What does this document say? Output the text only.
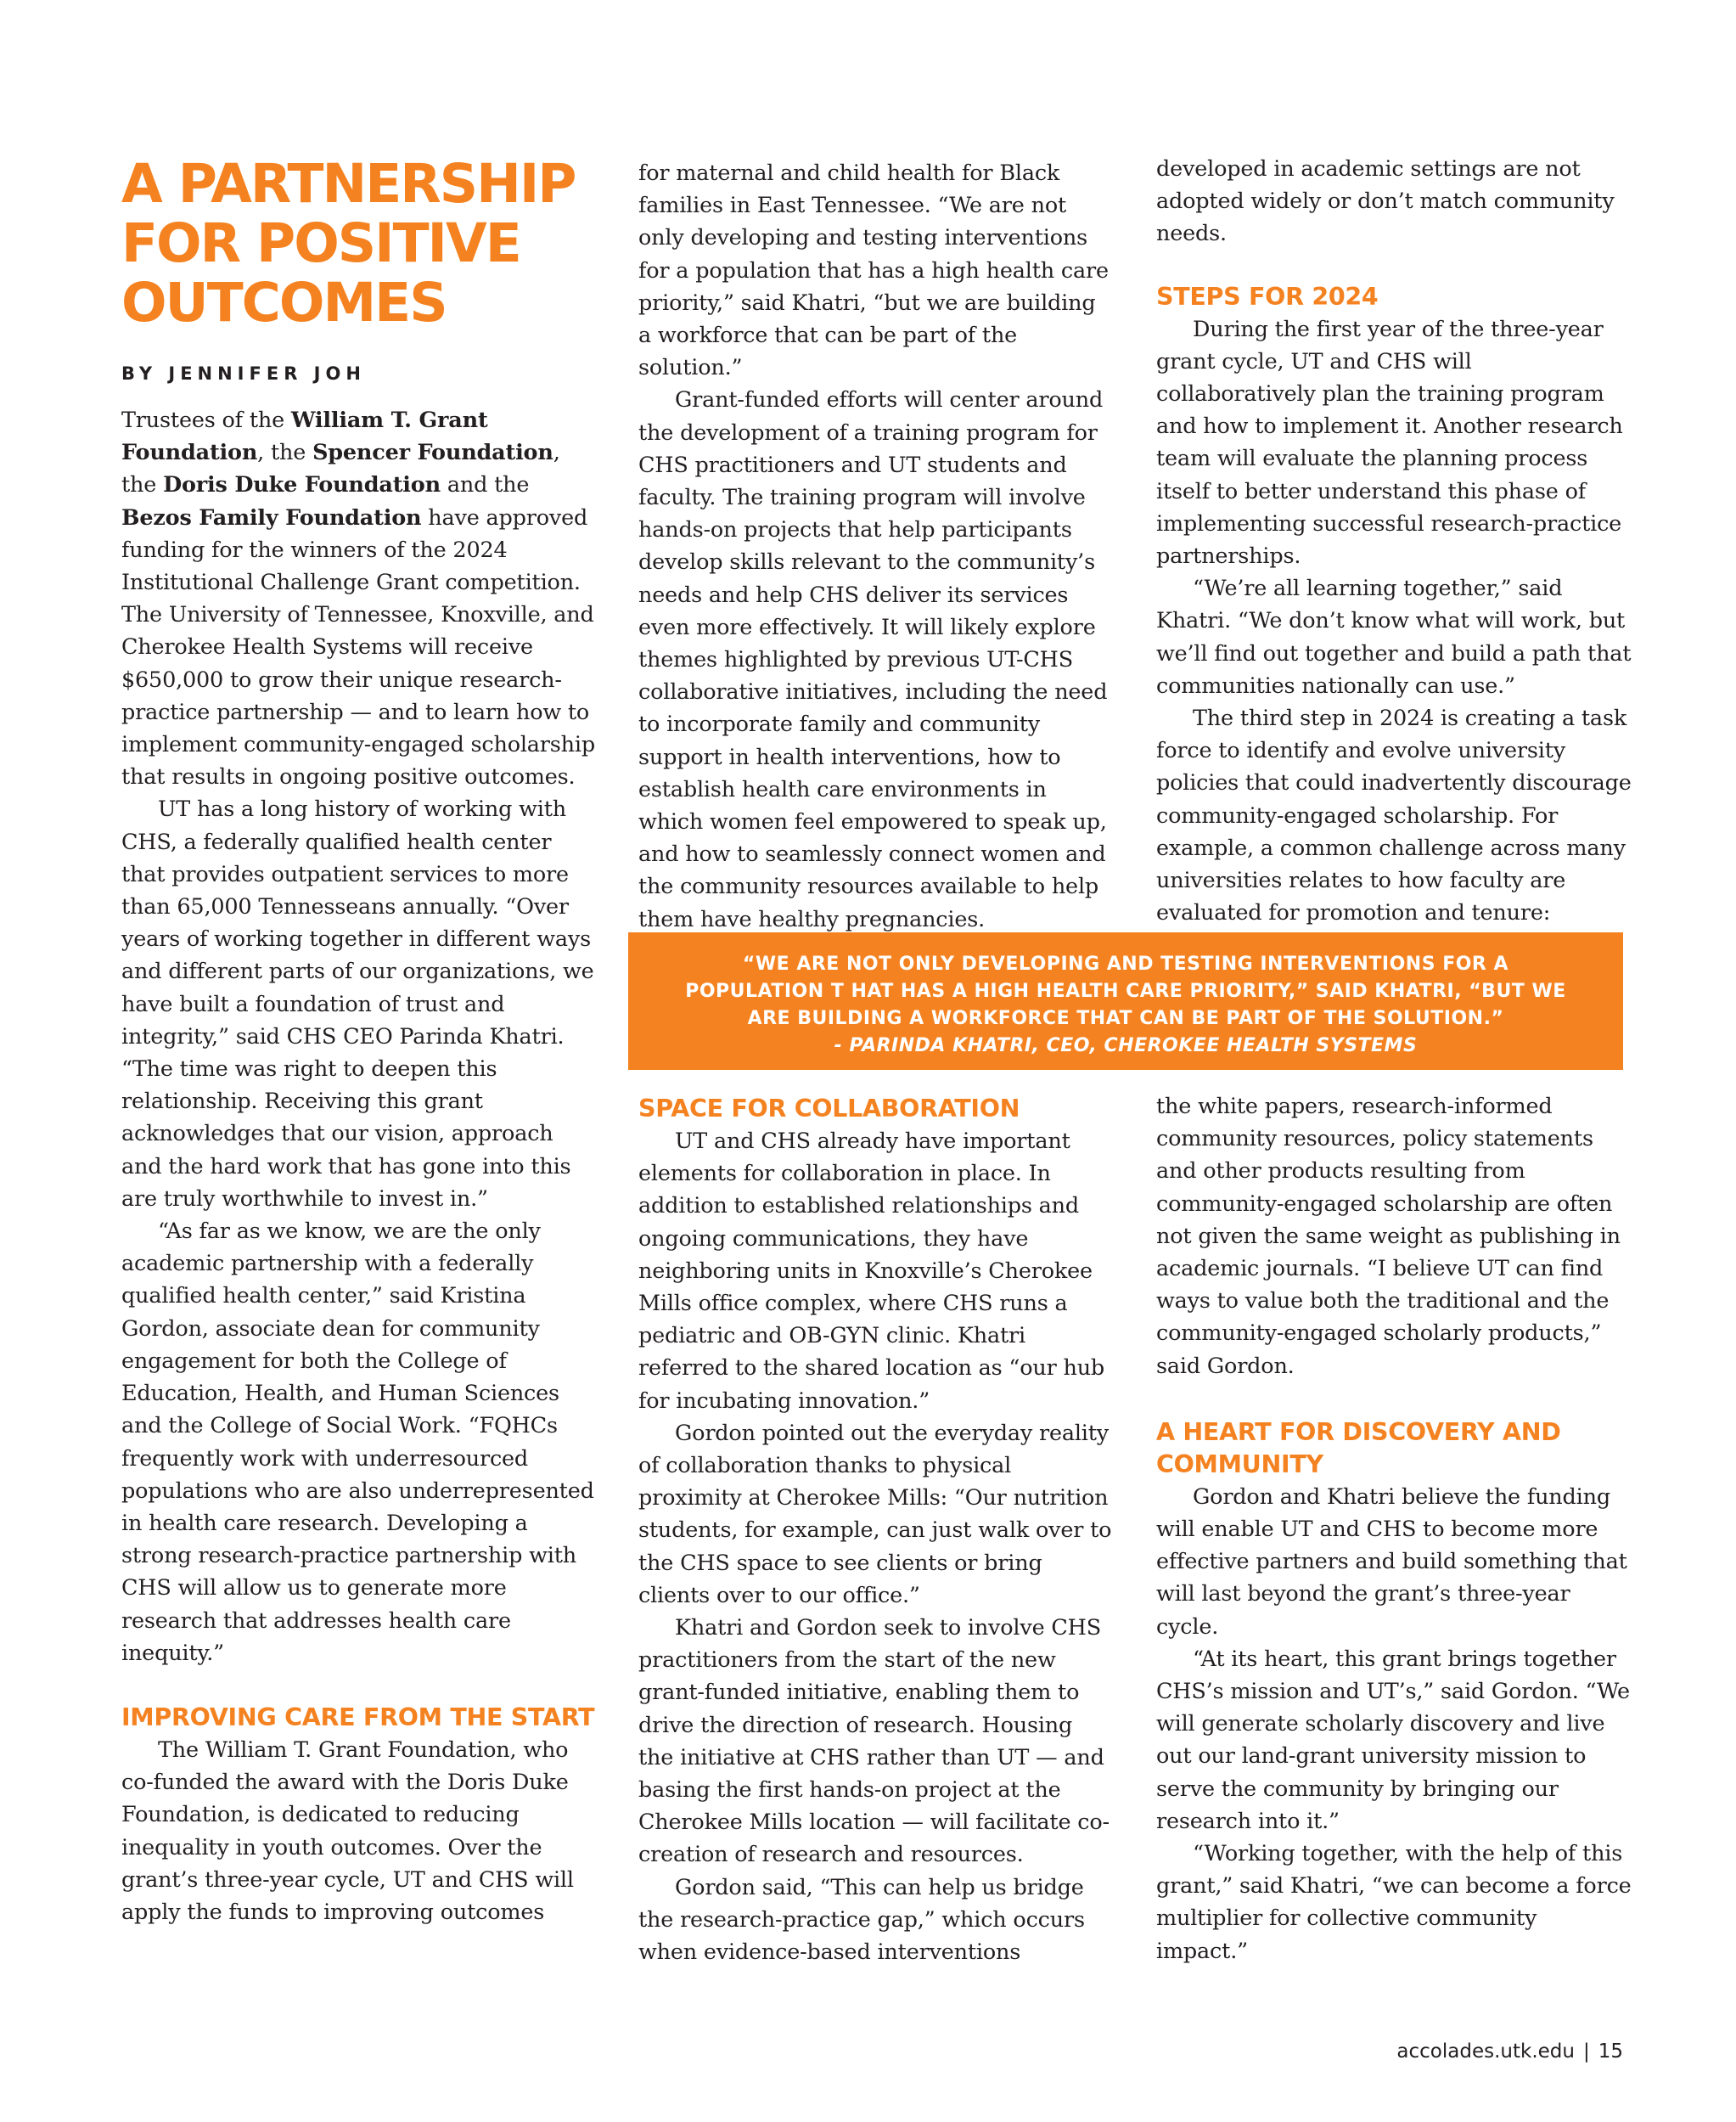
A PARTNERSHIP
FOR POSITIVE
OUTCOMES
BY JENNIFER JOH

Trustees of the William T. Grant Foundation, the Spencer Foundation, the Doris Duke Foundation and the Bezos Family Foundation have approved funding for the winners of the 2024 Institutional Challenge Grant competition. The University of Tennessee, Knoxville, and Cherokee Health Systems will receive $650,000 to grow their unique research-practice partnership — and to learn how to implement community-engaged scholarship that results in ongoing positive outcomes.

UT has a long history of working with CHS, a federally qualified health center that provides outpatient services to more than 65,000 Tennesseans annually. “Over years of working together in different ways and different parts of our organizations, we have built a foundation of trust and integrity,” said CHS CEO Parinda Khatri. “The time was right to deepen this relationship. Receiving this grant acknowledges that our vision, approach and the hard work that has gone into this are truly worthwhile to invest in.”

“As far as we know, we are the only academic partnership with a federally qualified health center,” said Kristina Gordon, associate dean for community engagement for both the College of Education, Health, and Human Sciences and the College of Social Work. “FQHCs frequently work with underresourced populations who are also underrepresented in health care research. Developing a strong research-practice partnership with CHS will allow us to generate more research that addresses health care inequity.”

IMPROVING CARE FROM THE START

The William T. Grant Foundation, who co-funded the award with the Doris Duke Foundation, is dedicated to reducing inequality in youth outcomes. Over the grant’s three-year cycle, UT and CHS will apply the funds to improving outcomes

for maternal and child health for Black families in East Tennessee. “We are not only developing and testing interventions for a population that has a high health care priority,” said Khatri, “but we are building a workforce that can be part of the solution.”

Grant-funded efforts will center around the development of a training program for CHS practitioners and UT students and faculty. The training program will involve hands-on projects that help participants develop skills relevant to the community’s needs and help CHS deliver its services even more effectively. It will likely explore themes highlighted by previous UT-CHS collaborative initiatives, including the need to incorporate family and community support in health interventions, how to establish health care environments in which women feel empowered to speak up, and how to seamlessly connect women and the community resources available to help them have healthy pregnancies.

developed in academic settings are not adopted widely or don’t match community needs.

STEPS FOR 2024

During the first year of the three-year grant cycle, UT and CHS will collaboratively plan the training program and how to implement it. Another research team will evaluate the planning process itself to better understand this phase of implementing successful research-practice partnerships.

“We’re all learning together,” said Khatri. “We don’t know what will work, but we’ll find out together and build a path that communities nationally can use.”

The third step in 2024 is creating a task force to identify and evolve university policies that could inadvertently discourage community-engaged scholarship. For example, a common challenge across many universities relates to how faculty are evaluated for promotion and tenure:

“WE ARE NOT ONLY DEVELOPING AND TESTING INTERVENTIONS FOR A
POPULATION T HAT HAS A HIGH HEALTH CARE PRIORITY,” SAID KHATRI, “BUT WE
ARE BUILDING A WORKFORCE THAT CAN BE PART OF THE SOLUTION.”
- PARINDA KHATRI, CEO, CHEROKEE HEALTH SYSTEMS
SPACE FOR COLLABORATION

UT and CHS already have important elements for collaboration in place. In addition to established relationships and ongoing communications, they have neighboring units in Knoxville’s Cherokee Mills office complex, where CHS runs a pediatric and OB-GYN clinic. Khatri referred to the shared location as “our hub for incubating innovation.”

Gordon pointed out the everyday reality of collaboration thanks to physical proximity at Cherokee Mills: “Our nutrition students, for example, can just walk over to the CHS space to see clients or bring clients over to our office.”

Khatri and Gordon seek to involve CHS practitioners from the start of the new grant-funded initiative, enabling them to drive the direction of research. Housing the initiative at CHS rather than UT — and basing the first hands-on project at the Cherokee Mills location — will facilitate co-creation of research and resources.

Gordon said, “This can help us bridge the research-practice gap,” which occurs when evidence-based interventions

the white papers, research-informed community resources, policy statements and other products resulting from community-engaged scholarship are often not given the same weight as publishing in academic journals. “I believe UT can find ways to value both the traditional and the community-engaged scholarly products,” said Gordon.

A HEART FOR DISCOVERY AND COMMUNITY

Gordon and Khatri believe the funding will enable UT and CHS to become more effective partners and build something that will last beyond the grant’s three-year cycle.

“At its heart, this grant brings together CHS’s mission and UT’s,” said Gordon. “We will generate scholarly discovery and live out our land-grant university mission to serve the community by bringing our research into it.”

“Working together, with the help of this grant,” said Khatri, “we can become a force multiplier for collective community impact.”

accolades.utk.edu | 15
